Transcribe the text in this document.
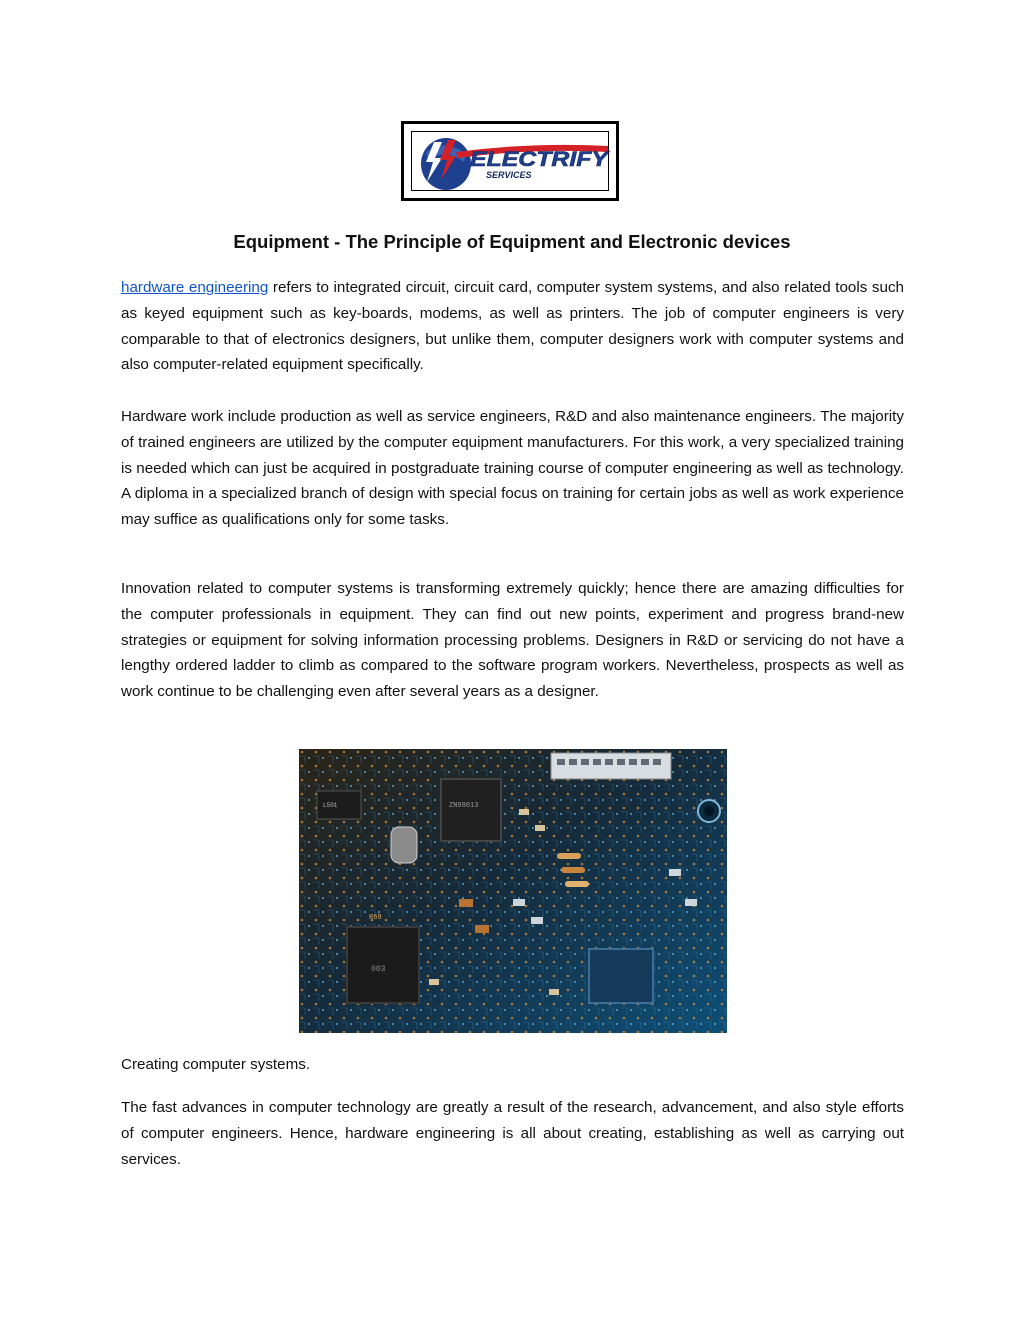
ELECTRIFY
SERVICES
Equipment - The Principle of Equipment and Electronic devices

hardware engineering refers to integrated circuit, circuit card, computer system systems, and also related tools such as keyed equipment such as key-boards, modems, as well as printers. The job of computer engineers is very comparable to that of electronics designers, but unlike them, computer designers work with computer systems and also computer-related equipment specifically.

Hardware work include production as well as service engineers, R&D and also maintenance engineers. The majority of trained engineers are utilized by the computer equipment manufacturers. For this work, a very specialized training is needed which can just be acquired in postgraduate training course of computer engineering as well as technology. A diploma in a specialized branch of design with special focus on training for certain jobs as well as work experience may suffice as qualifications only for some tasks.

Innovation related to computer systems is transforming extremely quickly; hence there are amazing difficulties for the computer professionals in equipment. They can find out new points, experiment and progress brand-new strategies or equipment for solving information processing problems. Designers in R&D or servicing do not have a lengthy ordered ladder to climb as compared to the software program workers. Nevertheless, prospects as well as work continue to be challenging even after several years as a designer.

L501	ZN98013
003
R69

Creating computer systems.

The fast advances in computer technology are greatly a result of the research, advancement, and also style efforts of computer engineers. Hence, hardware engineering is all about creating, establishing as well as carrying out services.
